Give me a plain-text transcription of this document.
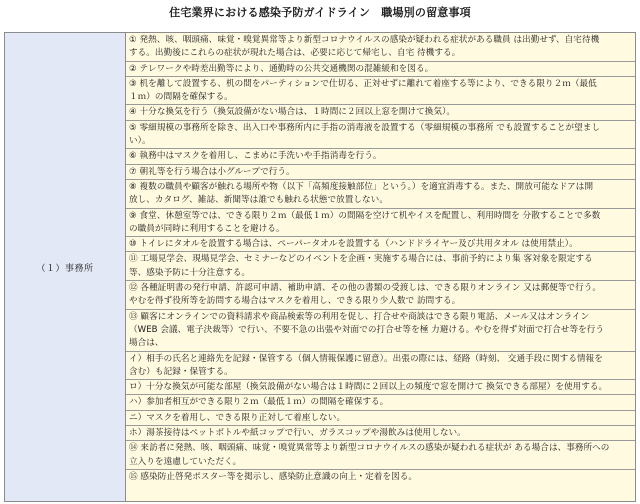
住宅業界における感染予防ガイドライン　職場別の留意事項
（１）事務所
① 発熱、咳、咽頭痛、味覚・嗅覚異常等より新型コロナウイルスの感染が疑われる症状がある職員 は出勤せず、自宅待機
する。出勤後にこれらの症状が現れた場合は、必要に応じて帰宅し、自宅 待機する。
② テレワークや時差出勤等により、通勤時の公共交通機関の混雑緩和を図る。
③ 机を離して設置する、机の間をパーティションで仕切る、正対せずに離れて着座する等により、できる限り２ｍ（最低
１ｍ）の間隔を確保する。
④ 十分な換気を行う（換気設備がない場合は、１時間に２回以上窓を開けて換気）。
⑤ 零細規模の事務所を除き、出入口や事務所内に手指の消毒液を設置する（零細規模の事務所 でも設置することが望まし
い）。
⑥ 執務中はマスクを着用し、こまめに手洗いや手指消毒を行う。
⑦ 朝礼等を行う場合は小グループで行う。
⑧ 複数の職員や顧客が触れる場所や物（以下「高頻度接触部位」という。）を適宜消毒する。また、開放可能なドアは開
放し、カタログ、雑誌、新聞等は誰でも触れる状態で放置しない。
⑨ 食堂、休憩室等では、できる限り２ｍ（最低１ｍ）の間隔を空けて机やイスを配置し、利用時間を 分散することで多数
の職員が同時に利用することを避ける。
⑩ トイレにタオルを設置する場合は、ペーパータオルを設置する（ハンドドライヤー及び共用タオル は使用禁止）。
⑪ 工場見学会、現場見学会、セミナーなどのイベントを企画・実施する場合には、事前予約により集 客対象を限定する
等、感染予防に十分注意する。
⑫ 各種証明書の発行申請、許認可申請、補助申請、その他の書類の受渡しは、できる限りオンライン 又は郵便等で行う。
やむを得ず役所等を訪問する場合はマスクを着用し、できる限り少人数で 訪問する。
⑬ 顧客にオンラインでの資料請求や商品検索等の利用を促し、打合せや商談はできる限り電話、メール又はオンライン
（WEB 会議、電子決裁等）で行い、不要不急の出張や対面での打合せ等を極 力避ける。やむを得ず対面で打合せ等を行う
場合は、
イ）相手の氏名と連絡先を記録・保管する（個人情報保護に留意）。出張の際には、経路（時刻、 交通手段に関する情報を
含む）も記録・保管する。
ロ）十分な換気が可能な部屋（換気設備がない場合は１時間に２回以上の頻度で窓を開けて 換気できる部屋）を使用する。
ハ）参加者相互ができる限り２ｍ（最低１ｍ）の間隔を確保する。
ニ）マスクを着用し、できる限り正対して着座しない。
ホ）湯茶接待はペットボトルや紙コップで行い、ガラスコップや湯飲みは使用しない。
⑭ 来訪者に発熱、咳、咽頭痛、味覚・嗅覚異常等より新型コロナウイルスの感染が疑われる症状が ある場合は、事務所への
立入りを遠慮していただく。
⑮ 感染防止啓発ポスター等を掲示し、感染防止意識の向上・定着を図る。
